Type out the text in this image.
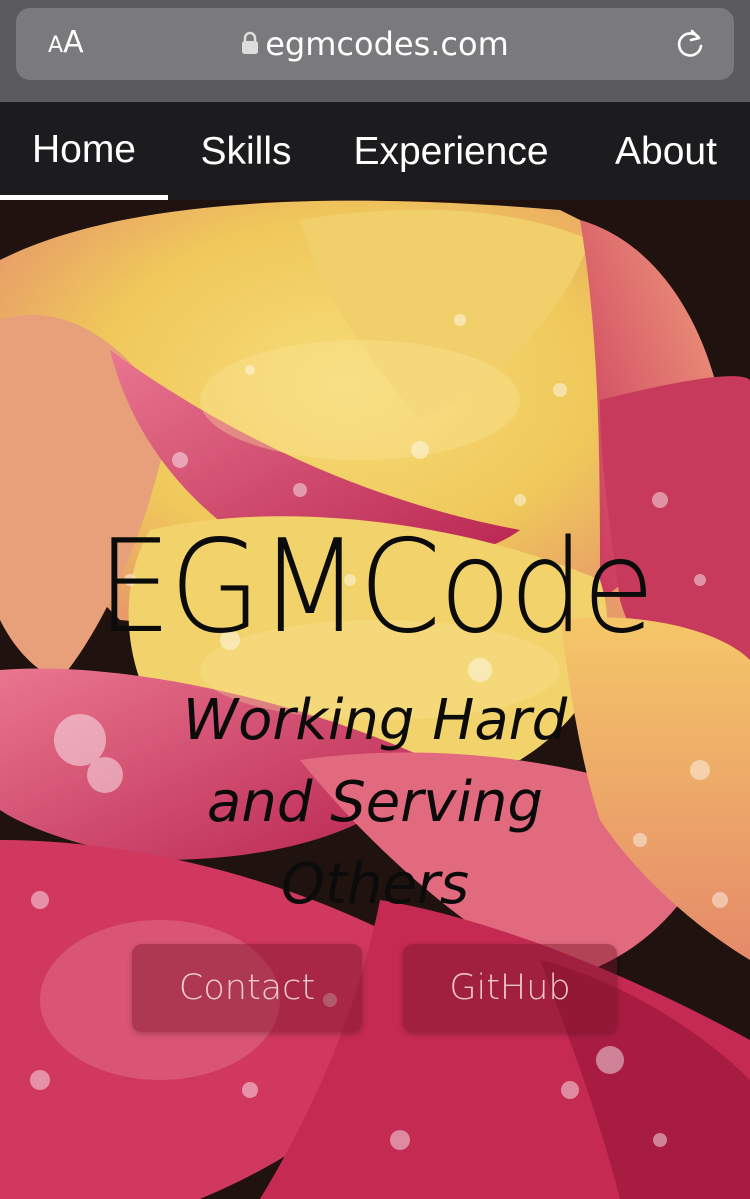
AA	egmcodes.com
Home	Skills	Experience	About
EGMCode
Working Hard and Serving Others
Contact	GitHub
